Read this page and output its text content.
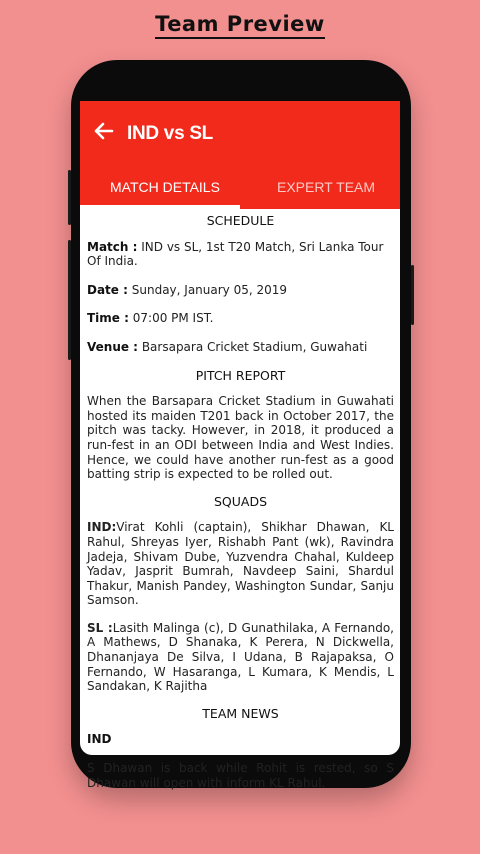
Team Preview
IND vs SL
MATCH DETAILS	EXPERT TEAM
SCHEDULE
Match : IND vs SL, 1st T20 Match, Sri Lanka Tour Of India.
Date : Sunday, January 05, 2019
Time : 07:00 PM IST.
Venue : Barsapara Cricket Stadium, Guwahati
PITCH REPORT
When the Barsapara Cricket Stadium in Guwahati hosted its maiden T201 back in October 2017, the pitch was tacky. However, in 2018, it produced a run-fest in an ODI between India and West Indies. Hence, we could have another run-fest as a good batting strip is expected to be rolled out.
SQUADS
IND:Virat Kohli (captain), Shikhar Dhawan, KL Rahul, Shreyas Iyer, Rishabh Pant (wk), Ravindra Jadeja, Shivam Dube, Yuzvendra Chahal, Kuldeep Yadav, Jasprit Bumrah, Navdeep Saini, Shardul Thakur, Manish Pandey, Washington Sundar, Sanju Samson.
SL :Lasith Malinga (c), D Gunathilaka, A Fernando, A Mathews, D Shanaka, K Perera, N Dickwella, Dhananjaya De Silva, I Udana, B Rajapaksa, O Fernando, W Hasaranga, L Kumara, K Mendis, L Sandakan, K Rajitha
TEAM NEWS
IND
S Dhawan is back while Rohit is rested, so S Dhawan will open with inform KL Rahul.
